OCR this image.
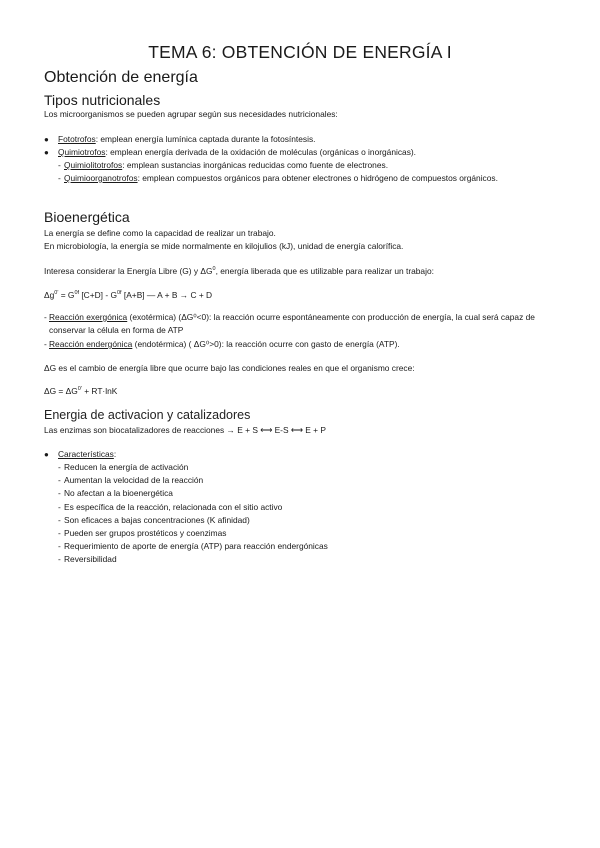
TEMA 6: OBTENCIÓN DE ENERGÍA I
Obtención de energía
Tipos nutricionales

Los microorganismos se pueden agrupar según sus necesidades nutricionales:

● Fototrofos: emplean energía lumínica captada durante la fotosíntesis.

● Quimiotrofos: emplean energía derivada de la oxidación de moléculas (orgánicas o inorgánicas).

- Quimiolitotrofos: emplean sustancias inorgánicas reducidas como fuente de electrones.

- Quimioorganotrofos: emplean compuestos orgánicos para obtener electrones o hidrógeno de compuestos orgánicos.

Bioenergética

La energía se define como la capacidad de realizar un trabajo.

En microbiología, la energía se mide normalmente en kilojulios (kJ), unidad de energía calorífica.

Interesa considerar la Energía Libre (G) y $\Delta G^0$, energía liberada que es utilizable para realizar un trabajo:

$\Delta g^{0'} = G^{0f}$ $[C+D] - G^{0f}$ [A+B] — A + B → C + D

- Reacción exergónica (exotérmica) (ΔG⁰<0): la reacción ocurre espontáneamente con producción de energía, la cual será capaz de conservar la célula en forma de ATP

- Reacción endergónica (endotérmica) ( ΔG⁰>0): la reacción ocurre con gasto de energía (ATP).

ΔG es el cambio de energía libre que ocurre bajo las condiciones reales en que el organismo crece:

$\Delta G = \Delta G^{0'} + RT\cdot\ln K$

Energia de activacion y catalizadores

Las enzimas son biocatalizadores de reacciones → E + S ⟷ E-S ⟷ E + P

● Características:

- Reducen la energía de activación

- Aumentan la velocidad de la reacción

- No afectan a la bioenergética

- Es específica de la reacción, relacionada con el sitio activo

- Son eficaces a bajas concentraciones (K afinidad)

- Pueden ser grupos prostéticos y coenzimas

- Requerimiento de aporte de energía (ATP) para reacción endergónicas

- Reversibilidad
